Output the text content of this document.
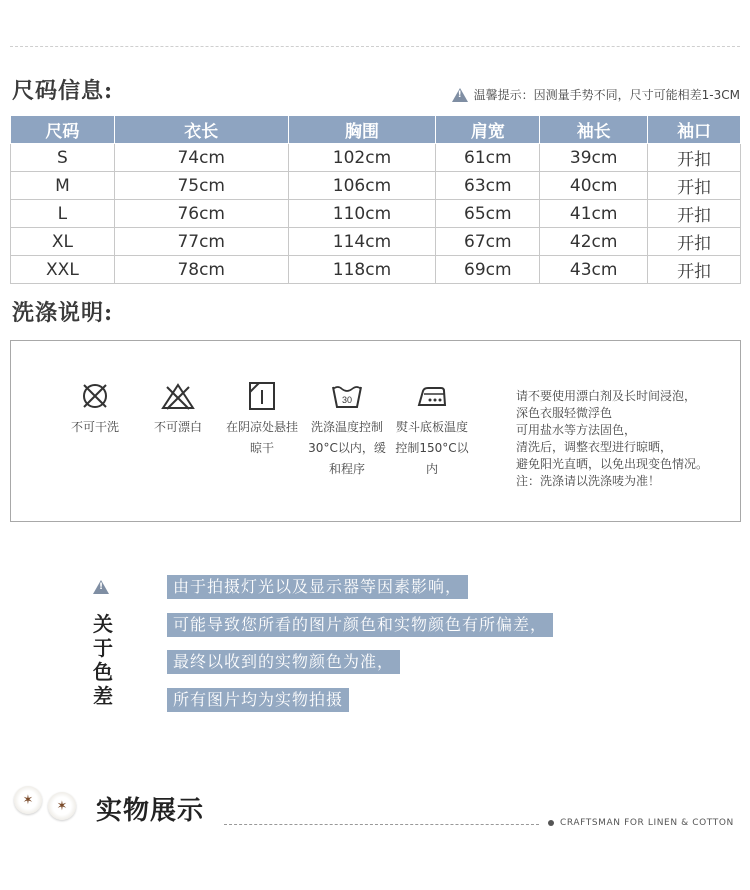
尺码信息: !	温馨提示：因测量手势不同，尺寸可能相差1-3CM
尺码	衣长	胸围	肩宽	袖长	袖口
S	74cm	102cm	61cm	39cm	开扣
M	75cm	106cm	63cm	40cm	开扣
L	76cm	110cm	65cm	41cm	开扣
XL	77cm	114cm	67cm	42cm	开扣
XXL	78cm	118cm	69cm	43cm	开扣
洗涤说明:
不可干洗	不可漂白	在阴凉处悬挂晾干
30
洗涤温度控制30°C以内，缓和程序
熨斗底板温度控制150°C以内
请不要使用漂白剂及长时间浸泡，
深色衣服轻微浮色
可用盐水等方法固色，
清洗后，调整衣型进行晾晒，
避免阳光直晒，以免出现变色情况。
注：洗涤请以洗涤唛为准！
!
关于色差
由于拍摄灯光以及显示器等因素影响，
可能导致您所看的图片颜色和实物颜色有所偏差，
最终以收到的实物颜色为准，
所有图片均为实物拍摄
✶	✶	实物展示	CRAFTSMAN FOR LINEN & COTTON
